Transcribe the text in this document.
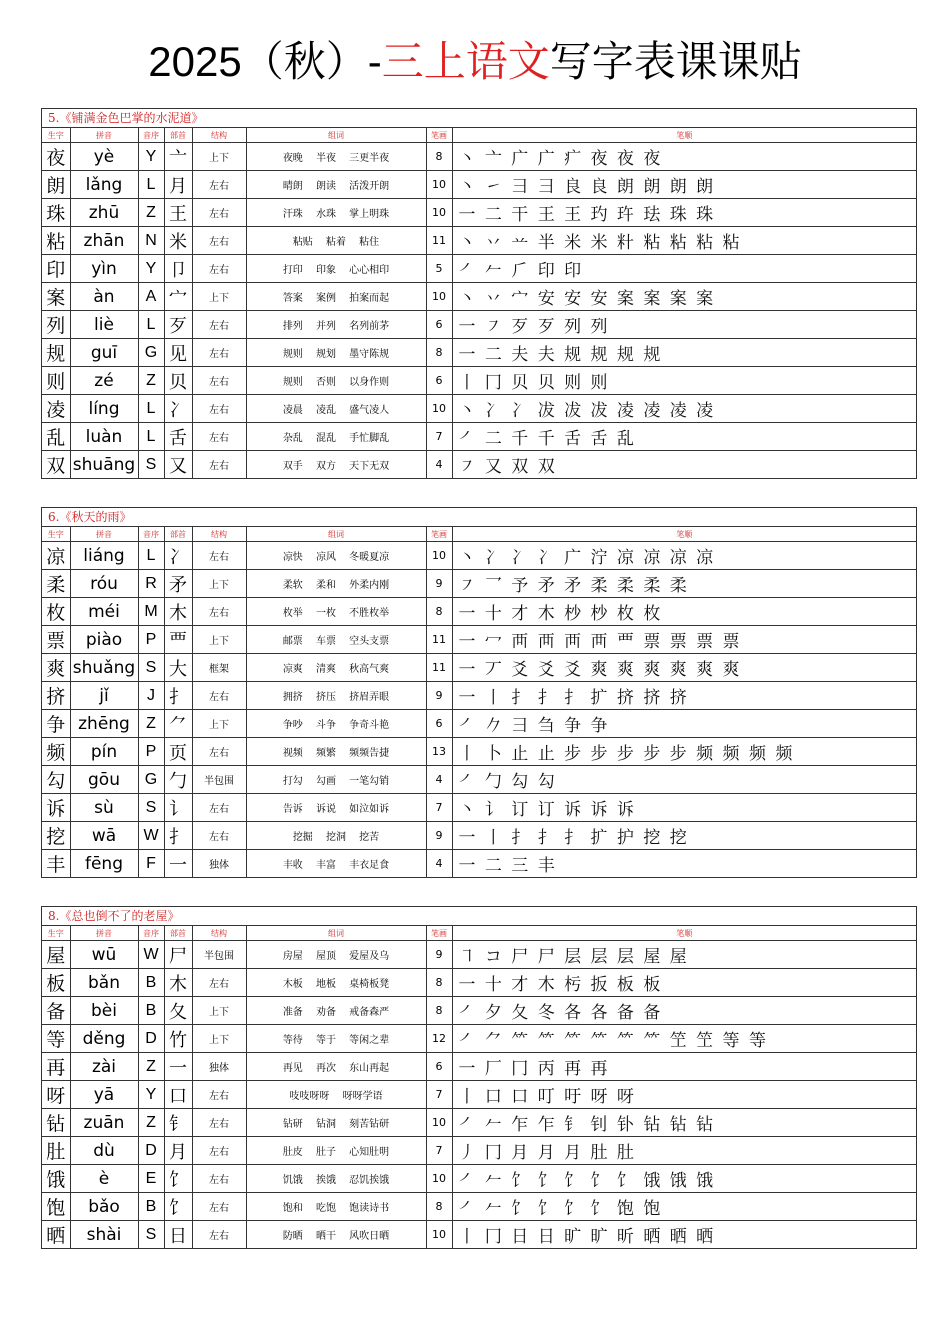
2025（秋）-三上语文写字表课课贴
5.《铺满金色巴掌的水泥道》
生字	拼音	音序	部首	结构	组词	笔画	笔顺
夜	yè	Y	亠	上下	夜晚 半夜 三更半夜	8	丶 亠 广 广 疒 夜 夜 夜
朗	lǎng	L	月	左右	晴朗 朗读 活泼开朗	10	丶 ㇀ 彐 彐 良 良 朗 朗 朗 朗
珠	zhū	Z	王	左右	汗珠 水珠 掌上明珠	10	一 二 干 王 王 玓 玝 珐 珠 珠
粘	zhān	N	米	左右	粘贴 粘着 粘住	11	丶 丷 䒑 半 米 米 籵 粘 粘 粘 粘
印	yìn	Y	卩	左右	打印 印象 心心相印	5	㇒ 𠂉 ⺁ 印 印
案	àn	A	宀	上下	答案 案例 拍案而起	10	丶 丷 宀 安 安 安 案 案 案 案
列	liè	L	歹	左右	排列 并列 名列前茅	6	一 ㇇ 歹 歹 列 列
规	guī	G	见	左右	规则 规划 墨守陈规	8	一 二 夫 夫 规 规 规 规
则	zé	Z	贝	左右	规则 否则 以身作则	6	丨 冂 贝 贝 则 则
凌	líng	L	冫	左右	凌晨 凌乱 盛气凌人	10	丶 冫 冫 冹 冹 冹 凌 凌 凌 凌
乱	luàn	L	舌	左右	杂乱 混乱 手忙脚乱	7	㇒ 二 千 千 舌 舌 乱
双	shuāng	S	又	左右	双手 双方 天下无双	4	㇇ 又 双 双
6.《秋天的雨》
生字	拼音	音序	部首	结构	组词	笔画	笔顺
凉	liáng	L	冫	左右	凉快 凉风 冬暖夏凉	10	丶 冫 冫 冫 广 泞 凉 凉 凉 凉
柔	róu	R	矛	上下	柔软 柔和 外柔内刚	9	㇇ 乛 予 矛 矛 柔 柔 柔 柔
枚	méi	M	木	左右	枚举 一枚 不胜枚举	8	一 十 才 木 杪 杪 枚 枚
票	piào	P	覀	上下	邮票 车票 空头支票	11	一 冖 襾 襾 襾 襾 覀 票 票 票 票
爽	shuǎng	S	大	框架	凉爽 清爽 秋高气爽	11	一 丆 爻 爻 爻 爽 爽 爽 爽 爽 爽
挤	jǐ	J	扌	左右	拥挤 挤压 挤眉弄眼	9	一 丨 扌 扌 扌 扩 挤 挤 挤
争	zhēng	Z	⺈	上下	争吵 斗争 争奇斗艳	6	㇒ 𠂊 彐 刍 争 争
频	pín	P	页	左右	视频 频繁 频频告捷	13	丨 卜 止 止 步 步 步 步 步 频 频 频 频
勾	gōu	G	勹	半包围	打勾 勾画 一笔勾销	4	㇒ 勹 勾 勾
诉	sù	S	讠	左右	告诉 诉说 如泣如诉	7	丶 讠 订 订 诉 诉 诉
挖	wā	W	扌	左右	挖掘 挖洞 挖苦	9	一 丨 扌 扌 扌 扩 护 挖 挖
丰	fēng	F	一	独体	丰收 丰富 丰衣足食	4	一 二 三 丰
8.《总也倒不了的老屋》
生字	拼音	音序	部首	结构	组词	笔画	笔顺
屋	wū	W	尸	半包围	房屋 屋顶 爱屋及乌	9	㇕ コ 尸 尸 层 层 层 屋 屋
板	bǎn	B	木	左右	木板 地板 桌椅板凳	8	一 十 才 木 杇 扳 板 板
备	bèi	B	夂	上下	准备 劝备 戒备森严	8	㇒ 夕 夂 冬 各 各 备 备
等	děng	D	竹	上下	等待 等于 等闲之辈	12	㇒ ⺈ ⺮ ⺮ ⺮ ⺮ ⺮ ⺮ 笁 笁 等 等
再	zài	Z	一	独体	再见 再次 东山再起	6	一 厂 冂 丙 再 再
呀	yā	Y	口	左右	吱吱呀呀 呀呀学语	7	丨 口 口 叮 吁 呀 呀
钻	zuān	Z	钅	左右	钻研 钻洞 刻苦钻研	10	㇒ 𠂉 乍 乍 钅 钊 钋 钻 钻 钻
肚	dù	D	月	左右	肚皮 肚子 心知肚明	7	丿 冂 月 月 月 肚 肚
饿	è	E	饣	左右	饥饿 挨饿 忍饥挨饿	10	㇒ 𠂉 饣 饣 饣 饣 饣 饿 饿 饿
饱	bǎo	B	饣	左右	饱和 吃饱 饱读诗书	8	㇒ 𠂉 饣 饣 饣 饣 饱 饱
晒	shài	S	日	左右	防晒 晒干 风吹日晒	10	丨 冂 日 日 旷 旷 昕 晒 晒 晒
